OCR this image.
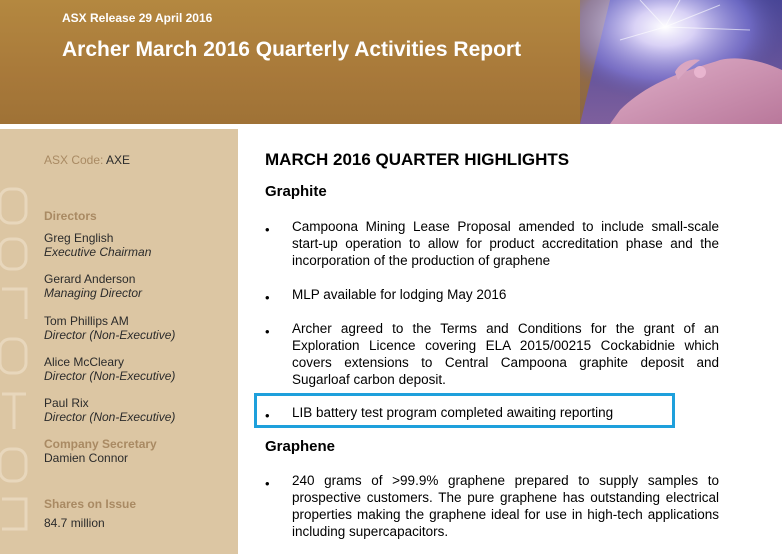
ASX Release 29 April 2016
Archer March 2016 Quarterly Activities Report
ASX Code: AXE
Directors
Greg English
Executive Chairman
Gerard Anderson
Managing Director
Tom Phillips AM
Director (Non-Executive)
Alice McCleary
Director (Non-Executive)
Paul Rix
Director (Non-Executive)
Company Secretary
Damien Connor
Shares on Issue
84.7 million
MARCH 2016 QUARTER HIGHLIGHTS
Graphite
• Campoona Mining Lease Proposal amended to include small-scale start-up operation to allow for product accreditation phase and the incorporation of the production of graphene
• MLP available for lodging May 2016
• Archer agreed to the Terms and Conditions for the grant of an Exploration Licence covering ELA 2015/00215 Cockabidnie which covers extensions to Central Campoona graphite deposit and Sugarloaf carbon deposit.
• LIB battery test program completed awaiting reporting
Graphene
• 240 grams of >99.9% graphene prepared to supply samples to prospective customers. The pure graphene has outstanding electrical properties making the graphene ideal for use in high-tech applications including supercapacitors.
